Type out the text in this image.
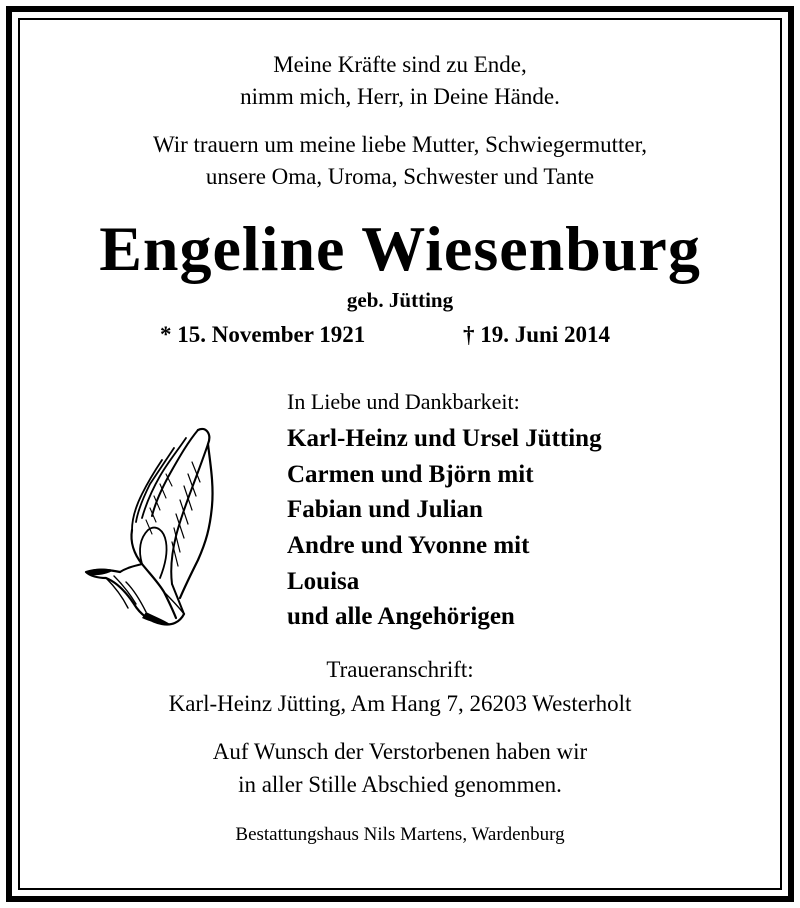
Meine Kräfte sind zu Ende,
nimm mich, Herr, in Deine Hände.
Wir trauern um meine liebe Mutter, Schwiegermutter,
unsere Oma, Uroma, Schwester und Tante
Engeline Wiesenburg
geb. Jütting
* 15. November 1921	† 19. Juni 2014
In Liebe und Dankbarkeit:
Karl-Heinz und Ursel Jütting
Carmen und Björn mit
Fabian und Julian
Andre und Yvonne mit
Louisa
und alle Angehörigen
Traueranschrift:
Karl-Heinz Jütting, Am Hang 7, 26203 Westerholt
Auf Wunsch der Verstorbenen haben wir
in aller Stille Abschied genommen.
Bestattungshaus Nils Martens, Wardenburg
